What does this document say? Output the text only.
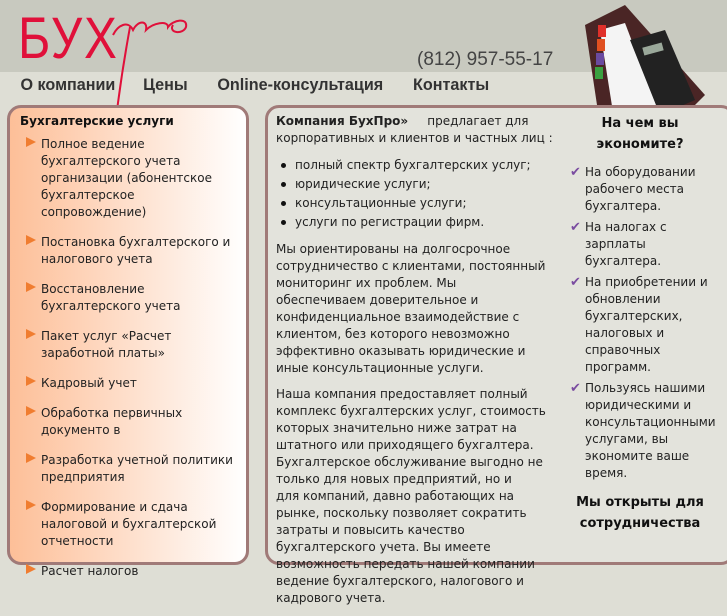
БУХ	(812) 957-55-17
О компании Цены Online-консультация Контакты
Бухгалтерские услуги
Полное ведение бухгалтерского учета организации (абонентское бухгалтерское сопровождение)
Постановка бухгалтерского и налогового учета
Восстановление бухгалтерского учета
Пакет услуг «Расчет заработной платы»
Кадровый учет
Обработка первичных документо в
Разработка учетной политики предприятия
Формирование и сдача налоговой и бухгалтерской отчетности
Расчет налогов

Компания БухПро»     предлагает для корпоративных и клиентов и частных лиц :

полный спектр бухгалтерских услуг;
юридические услуги;
консультационные услуги;
услуги по регистрации фирм.

Мы ориентированы на долгосрочное сотрудничество с клиентами, постоянный мониторинг их проблем. Мы          обеспечиваем доверительное и конфиденциальное взаимодействие с клиентом, без которого невозможно эффективно оказывать юридические и иные консультационные услуги.

Наша компания предоставляет полный комплекс бухгалтерских услуг, стоимость которых значительно ниже затрат на         штатного или приходящего бухгалтера. Бухгалтерское обслуживание выгодно не только для новых предприятий, но и          для компаний, давно работающих на рынке, поскольку позволяет сократить затраты и повысить качество бухгалтерского учета. Вы имеете возможность передать нашей компании ведение бухгалтерского, налогового и   кадрового учета.

На чем вы экономите?
✔ На оборудовании рабочего места бухгалтера.
✔ На налогах с зарплаты бухгалтера.
✔ На приобретении и обновлении бухгалтерских, налоговых и справочных программ.
✔ Пользуясь нашими юридическими и консультационными услугами, вы экономите ваше время.
Мы открыты для сотрудничества
